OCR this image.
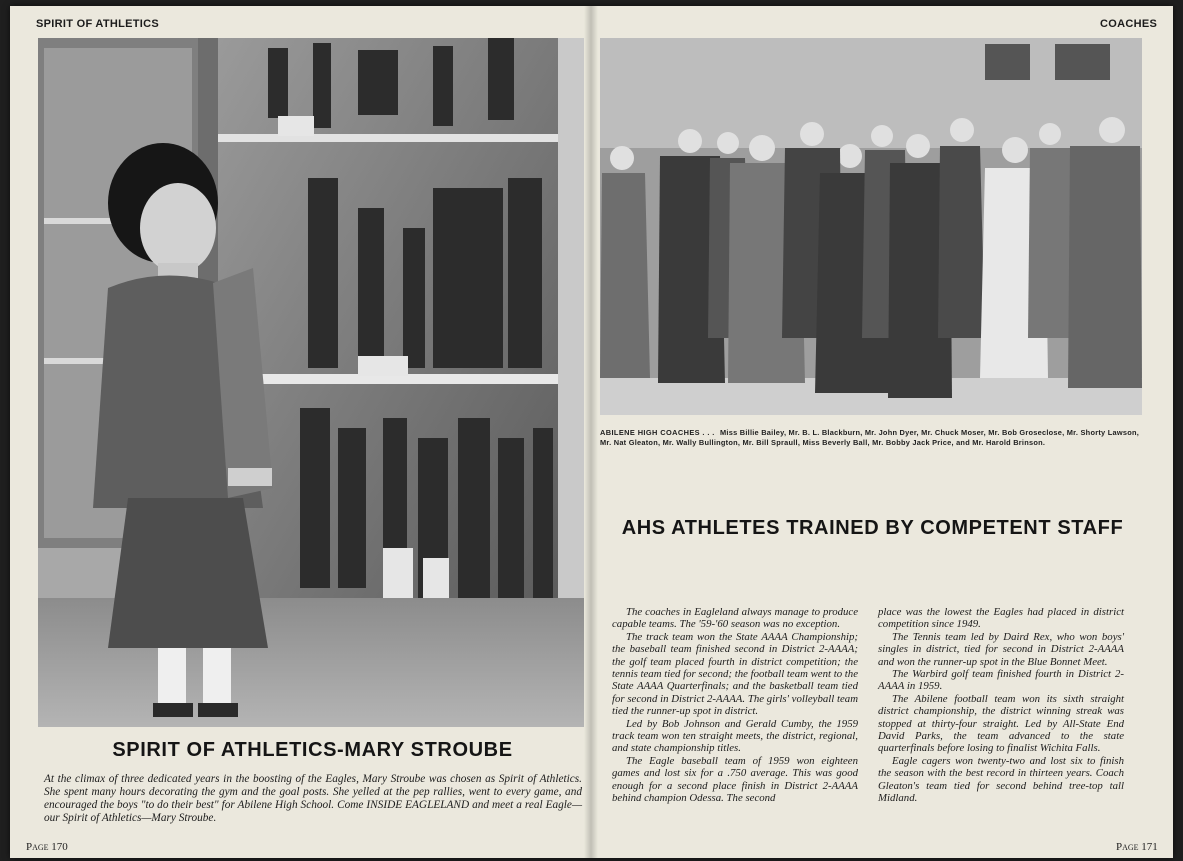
SPIRIT OF ATHLETICS
SPIRIT OF ATHLETICS-MARY STROUBE
At the climax of three dedicated years in the boosting of the Eagles, Mary Stroube was chosen as Spirit of Athletics. She spent many hours decorating the gym and the goal posts. She yelled at the pep rallies, went to every game, and encouraged the boys "to do their best" for Abilene High School. Come INSIDE EAGLELAND and meet a real Eagle—our Spirit of Athletics—Mary Stroube.
Page 170
COACHES
ABILENE HIGH COACHES . . . Miss Billie Bailey, Mr. B. L. Blackburn, Mr. John Dyer, Mr. Chuck Moser, Mr. Bob Groseclose, Mr. Shorty Lawson, Mr. Nat Gleaton, Mr. Wally Bullington, Mr. Bill Spraull, Miss Beverly Ball, Mr. Bobby Jack Price, and Mr. Harold Brinson.
AHS ATHLETES TRAINED BY COMPETENT STAFF

The coaches in Eagleland always manage to produce capable teams. The '59-'60 season was no exception.

The track team won the State AAAA Championship; the baseball team finished second in District 2-AAAA; the golf team placed fourth in district competition; the tennis team tied for second; the football team went to the State AAAA Quarterfinals; and the basketball team tied for second in District 2-AAAA. The girls' volleyball team tied the runner-up spot in district.

Led by Bob Johnson and Gerald Cumby, the 1959 track team won ten straight meets, the district, regional, and state championship titles.

The Eagle baseball team of 1959 won eighteen games and lost six for a .750 average. This was good enough for a second place finish in District 2-AAAA behind champion Odessa. The second

place was the lowest the Eagles had placed in district competition since 1949.

The Tennis team led by Daird Rex, who won boys' singles in district, tied for second in District 2-AAAA and won the runner-up spot in the Blue Bonnet Meet.

The Warbird golf team finished fourth in District 2-AAAA in 1959.

The Abilene football team won its sixth straight district championship, the district winning streak was stopped at thirty-four straight. Led by All-State End David Parks, the team advanced to the state quarterfinals before losing to finalist Wichita Falls.

Eagle cagers won twenty-two and lost six to finish the season with the best record in thirteen years. Coach Gleaton's team tied for second behind tree-top tall Midland.

Page 171
